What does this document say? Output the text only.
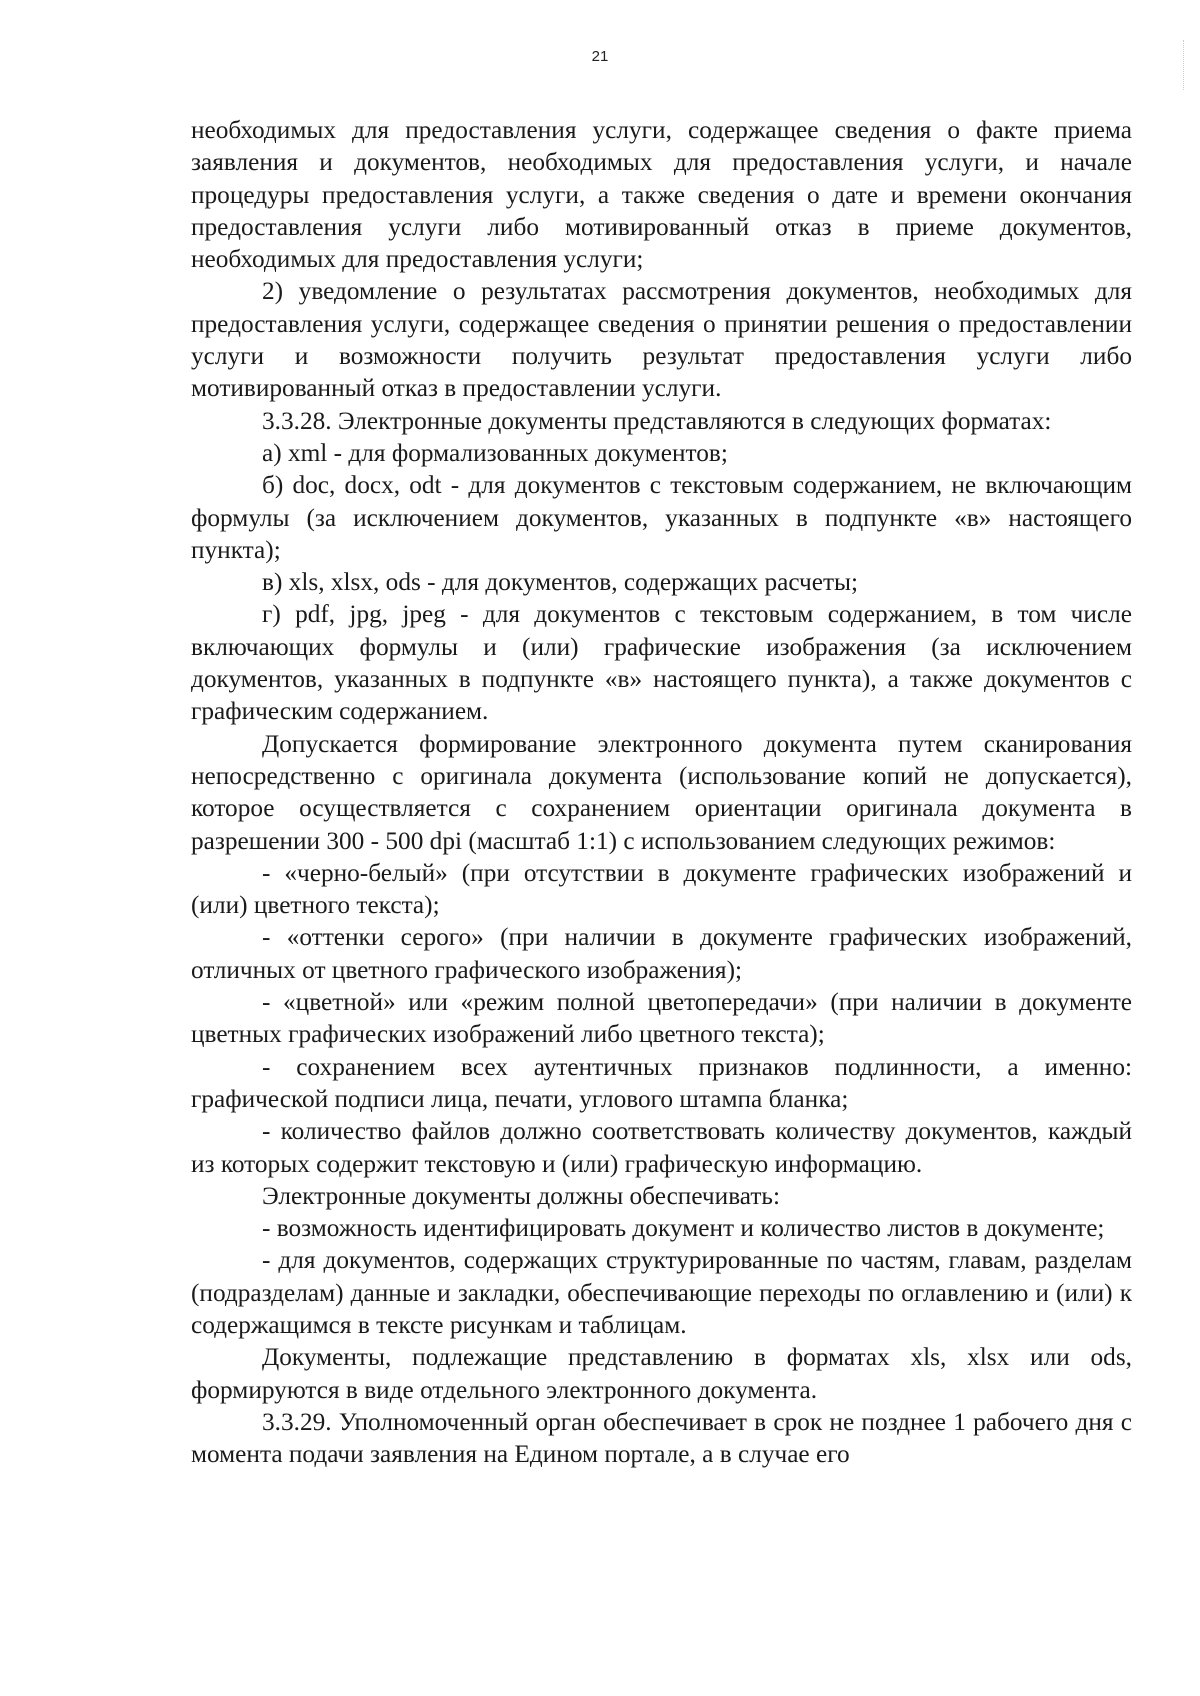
21

необходимых для предоставления услуги, содержащее сведения о факте приема заявления и документов, необходимых для предоставления услуги, и начале процедуры предоставления услуги, а также сведения о дате и времени окончания предоставления услуги либо мотивированный отказ в приеме документов, необходимых для предоставления услуги;

2) уведомление о результатах рассмотрения документов, необходимых для предоставления услуги, содержащее сведения о принятии решения о предоставлении услуги и возможности получить результат предоставления услуги либо мотивированный отказ в предоставлении услуги.

3.3.28. Электронные документы представляются в следующих форматах:

а) xml - для формализованных документов;

б) doc, docx, odt - для документов с текстовым содержанием, не включающим формулы (за исключением документов, указанных в подпункте «в» настоящего пункта);

в) xls, xlsx, ods - для документов, содержащих расчеты;

г) pdf, jpg, jpeg - для документов с текстовым содержанием, в том числе включающих формулы и (или) графические изображения (за исключением документов, указанных в подпункте «в» настоящего пункта), а также документов с графическим содержанием.

Допускается формирование электронного документа путем сканирования непосредственно с оригинала документа (использование копий не допускается), которое осуществляется с сохранением ориентации оригинала документа в разрешении 300 - 500 dpi (масштаб 1:1) с использованием следующих режимов:

- «черно-белый» (при отсутствии в документе графических изображений и (или) цветного текста);

- «оттенки серого» (при наличии в документе графических изображений, отличных от цветного графического изображения);

- «цветной» или «режим полной цветопередачи» (при наличии в документе цветных графических изображений либо цветного текста);

- сохранением всех аутентичных признаков подлинности, а именно: графической подписи лица, печати, углового штампа бланка;

- количество файлов должно соответствовать количеству документов, каждый из которых содержит текстовую и (или) графическую информацию.

Электронные документы должны обеспечивать:

- возможность идентифицировать документ и количество листов в документе;

- для документов, содержащих структурированные по частям, главам, разделам (подразделам) данные и закладки, обеспечивающие переходы по оглавлению и (или) к содержащимся в тексте рисункам и таблицам.

Документы, подлежащие представлению в форматах xls, xlsx или ods, формируются в виде отдельного электронного документа.

3.3.29. Уполномоченный орган обеспечивает в срок не позднее 1 рабочего дня с момента подачи заявления на Едином портале, а в случае его
